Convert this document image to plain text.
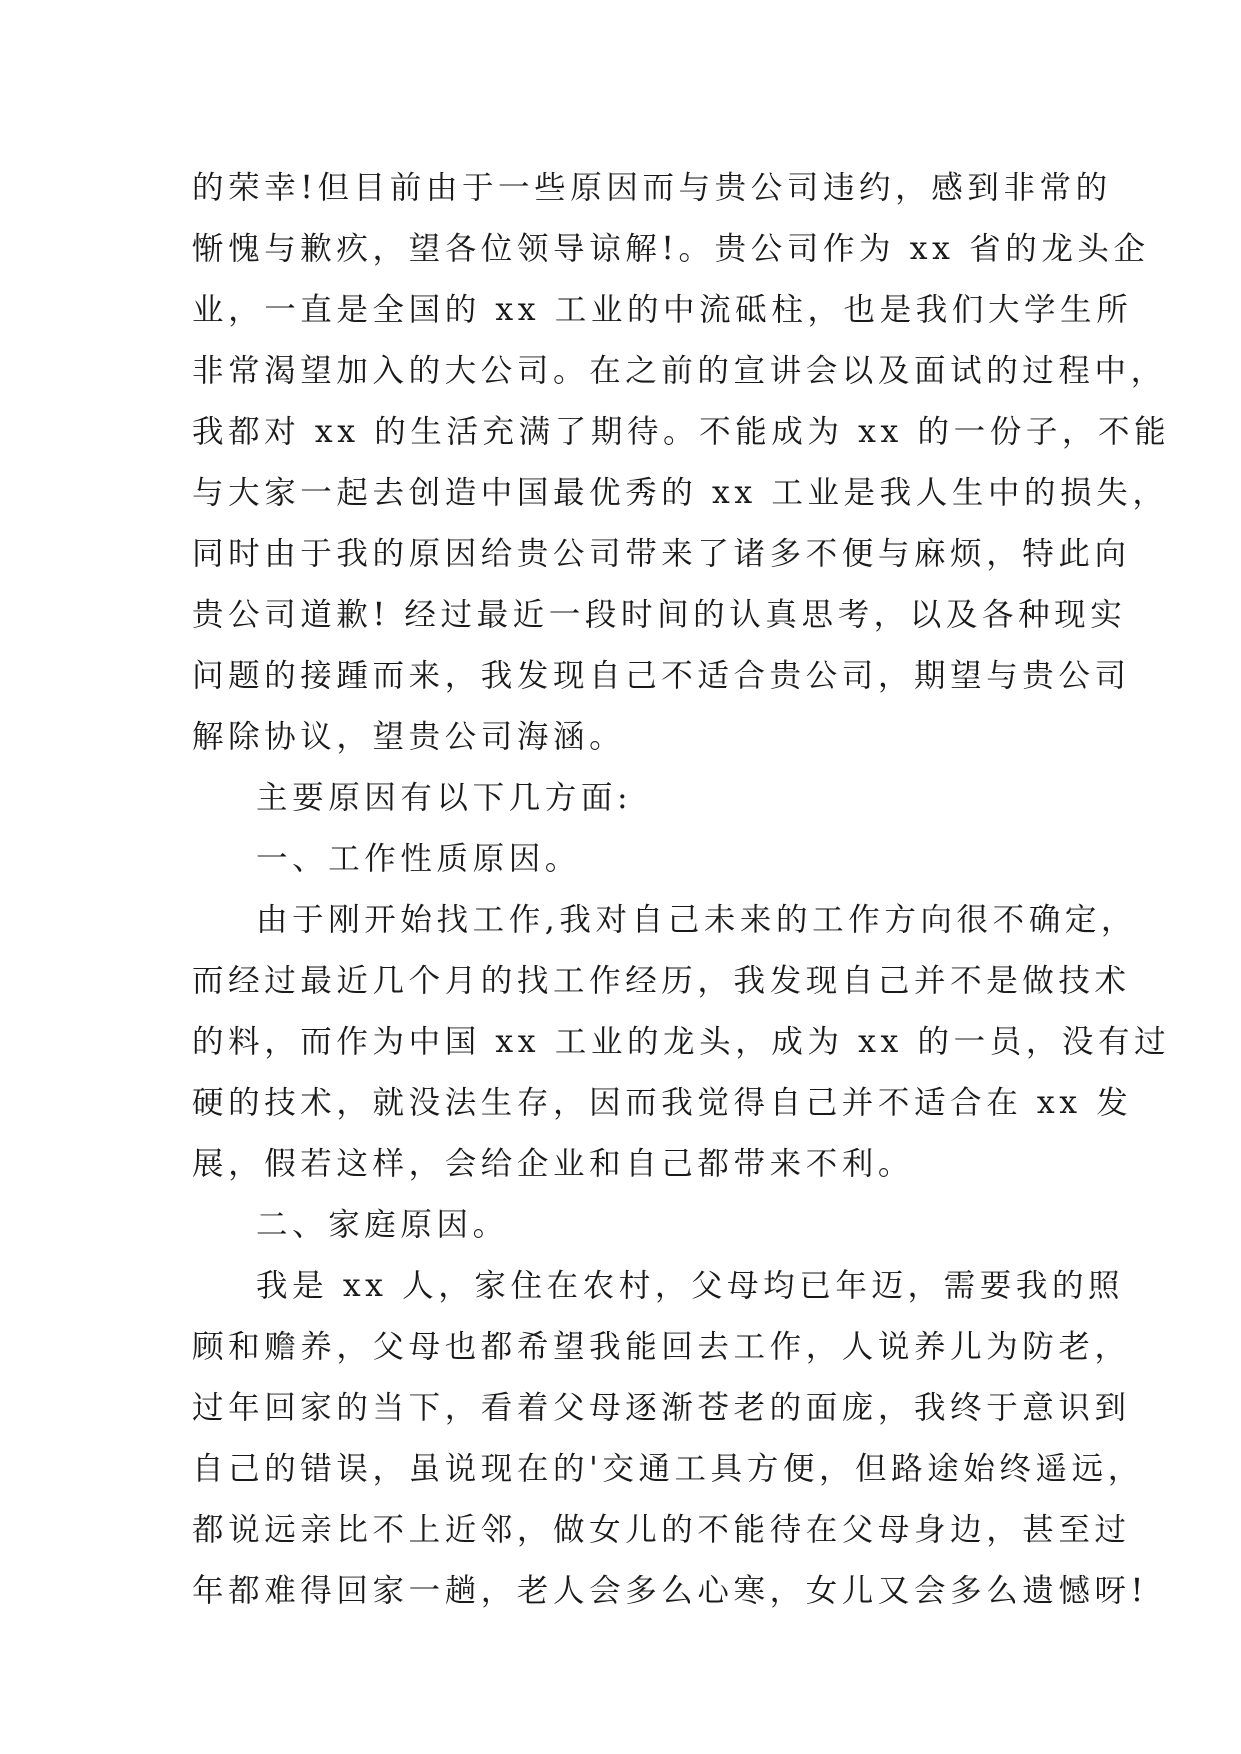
的荣幸!但目前由于一些原因而与贵公司违约，感到非常的
惭愧与歉疚，望各位领导谅解!。贵公司作为 xx 省的龙头企
业，一直是全国的 xx 工业的中流砥柱，也是我们大学生所
非常渴望加入的大公司。在之前的宣讲会以及面试的过程中，
我都对 xx 的生活充满了期待。不能成为 xx 的一份子，不能
与大家一起去创造中国最优秀的 xx 工业是我人生中的损失，
同时由于我的原因给贵公司带来了诸多不便与麻烦，特此向
贵公司道歉! 经过最近一段时间的认真思考，以及各种现实
问题的接踵而来，我发现自己不适合贵公司，期望与贵公司
解除协议，望贵公司海涵。
主要原因有以下几方面:
一、工作性质原因。
由于刚开始找工作,我对自己未来的工作方向很不确定，
而经过最近几个月的找工作经历，我发现自己并不是做技术
的料，而作为中国 xx 工业的龙头，成为 xx 的一员，没有过
硬的技术，就没法生存，因而我觉得自己并不适合在 xx 发
展，假若这样，会给企业和自己都带来不利。
二、家庭原因。
我是 xx 人，家住在农村，父母均已年迈，需要我的照
顾和赡养，父母也都希望我能回去工作，人说养儿为防老，
过年回家的当下，看着父母逐渐苍老的面庞，我终于意识到
自己的错误，虽说现在的'交通工具方便，但路途始终遥远，
都说远亲比不上近邻，做女儿的不能待在父母身边，甚至过
年都难得回家一趟，老人会多么心寒，女儿又会多么遗憾呀!
